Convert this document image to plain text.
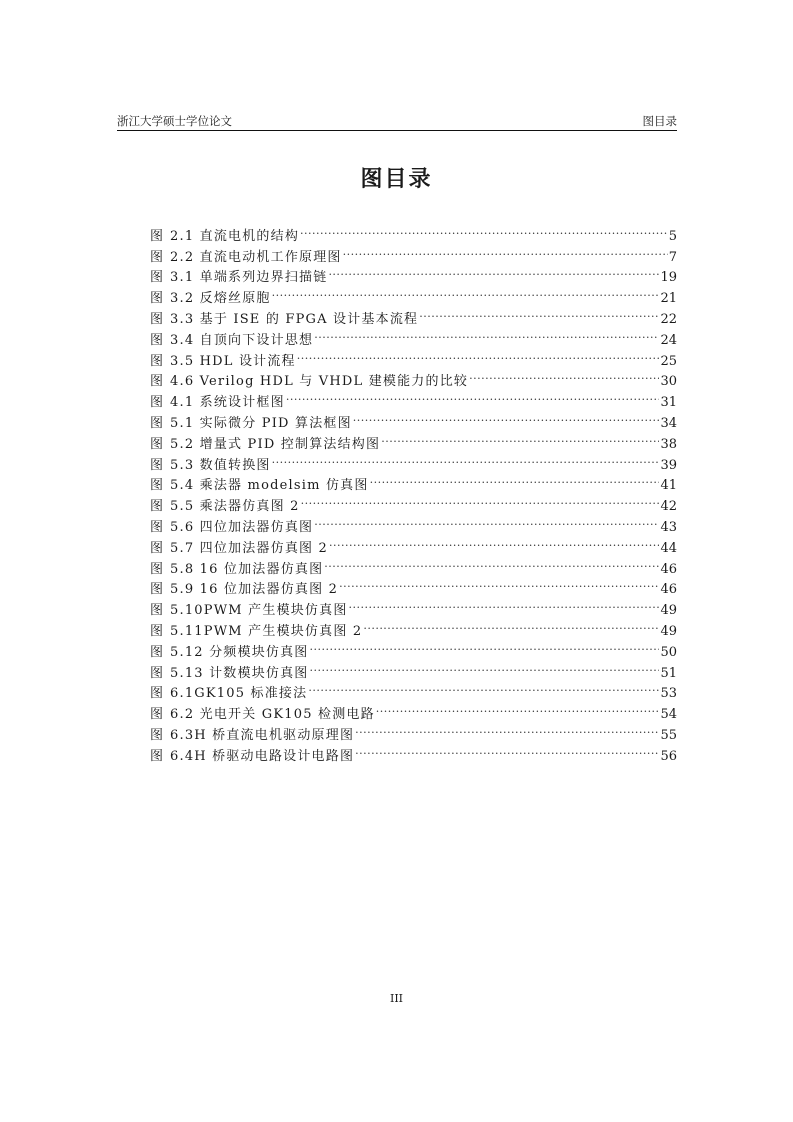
浙江大学硕士学位论文	图目录
图目录
图 2.1 直流电机的结构 .....	5
图 2.2 直流电动机工作原理图 .....	7
图 3.1 单端系列边界扫描链 .....	19
图 3.2 反熔丝原胞 .....	21
图 3.3 基于 ISE 的 FPGA 设计基本流程 .....	22
图 3.4 自顶向下设计思想 .....	24
图 3.5 HDL 设计流程 .....	25
图 4.6 Verilog HDL 与 VHDL 建模能力的比较 .....	30
图 4.1 系统设计框图 .....	31
图 5.1 实际微分 PID 算法框图 .....	34
图 5.2 增量式 PID 控制算法结构图 .....	38
图 5.3 数值转换图 .....	39
图 5.4 乘法器 modelsim 仿真图 .....	41
图 5.5 乘法器仿真图 2 .....	42
图 5.6 四位加法器仿真图 .....	43
图 5.7 四位加法器仿真图 2 .....	44
图 5.8 16 位加法器仿真图 .....	46
图 5.9 16 位加法器仿真图 2 .....	46
图 5.10PWM 产生模块仿真图 .....	49
图 5.11PWM 产生模块仿真图 2 .....	49
图 5.12 分频模块仿真图 .....	50
图 5.13 计数模块仿真图 .....	51
图 6.1GK105 标准接法 .....	53
图 6.2 光电开关 GK105 检测电路 .....	54
图 6.3H 桥直流电机驱动原理图 .....	55
图 6.4H 桥驱动电路设计电路图 .....	56
III
